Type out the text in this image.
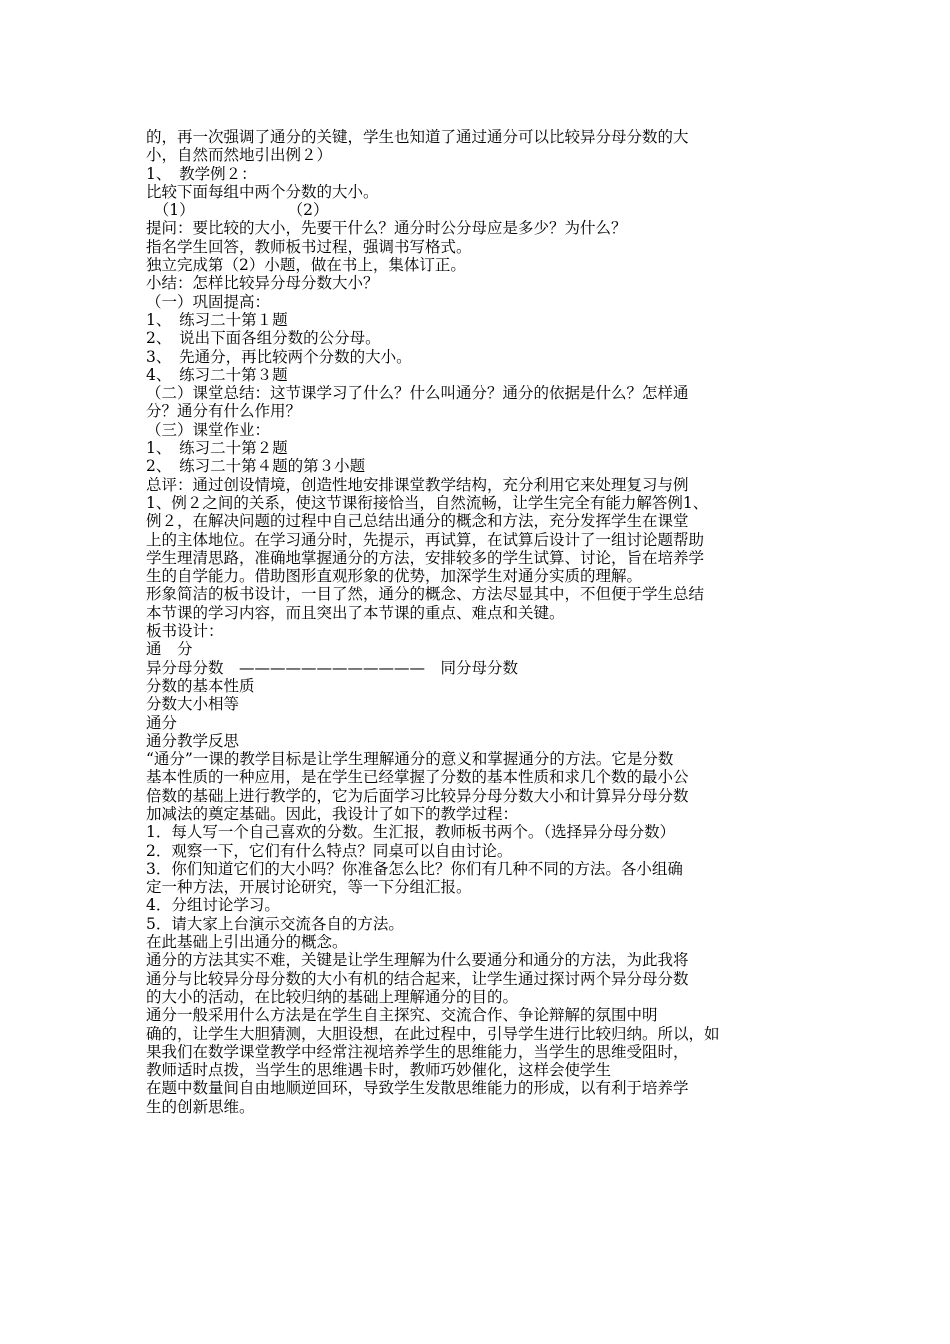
的，再一次强调了通分的关键，学生也知道了通过通分可以比较异分母分数的大
小，自然而然地引出例２）
1、　教学例２：
比较下面每组中两个分数的大小。
　（1）　　　　　　　（2）
提问：要比较的大小，先要干什么？通分时公分母应是多少？为什么？
指名学生回答，教师板书过程，强调书写格式。
独立完成第（2）小题，做在书上，集体订正。
小结：怎样比较异分母分数大小？
（一）巩固提高：
1、　练习二十第１题
2、　说出下面各组分数的公分母。
3、　先通分，再比较两个分数的大小。
4、　练习二十第３题
（二）课堂总结：这节课学习了什么？什么叫通分？通分的依据是什么？怎样通
分？通分有什么作用？
（三）课堂作业：
1、　练习二十第２题
2、　练习二十第４题的第３小题
总评：通过创设情境，创造性地安排课堂教学结构，充分利用它来处理复习与例
1、例２之间的关系，使这节课衔接恰当，自然流畅，让学生完全有能力解答例1、
例２，在解决问题的过程中自己总结出通分的概念和方法，充分发挥学生在课堂
上的主体地位。在学习通分时，先提示，再试算，在试算后设计了一组讨论题帮助
学生理清思路，准确地掌握通分的方法，安排较多的学生试算、讨论，旨在培养学
生的自学能力。借助图形直观形象的优势，加深学生对通分实质的理解。
形象简洁的板书设计，一目了然，通分的概念、方法尽显其中，不但便于学生总结
本节课的学习内容，而且突出了本节课的重点、难点和关键。
板书设计：
通　分
异分母分数　————————————　同分母分数
分数的基本性质
分数大小相等
通分
通分教学反思
“通分”一课的教学目标是让学生理解通分的意义和掌握通分的方法。它是分数
基本性质的一种应用，是在学生已经掌握了分数的基本性质和求几个数的最小公
倍数的基础上进行教学的，它为后面学习比较异分母分数大小和计算异分母分数
加减法的奠定基础。因此，我设计了如下的教学过程：
1．每人写一个自己喜欢的分数。生汇报，教师板书两个。（选择异分母分数）
2．观察一下，它们有什么特点？同桌可以自由讨论。
3．你们知道它们的大小吗？你准备怎么比？你们有几种不同的方法。各小组确
定一种方法，开展讨论研究，等一下分组汇报。
4．分组讨论学习。
5．请大家上台演示交流各自的方法。
在此基础上引出通分的概念。
通分的方法其实不难，关键是让学生理解为什么要通分和通分的方法，为此我将
通分与比较异分母分数的大小有机的结合起来，让学生通过探讨两个异分母分数
的大小的活动，在比较归纳的基础上理解通分的目的。
通分一般采用什么方法是在学生自主探究、交流合作、争论辩解的氛围中明
确的，让学生大胆猜测，大胆设想，在此过程中，引导学生进行比较归纳。所以，如
果我们在数学课堂教学中经常注视培养学生的思维能力，当学生的思维受阻时，
教师适时点拨，当学生的思维遇卡时，教师巧妙催化，这样会使学生
在题中数量间自由地顺逆回环，导致学生发散思维能力的形成，以有利于培养学
生的创新思维。
